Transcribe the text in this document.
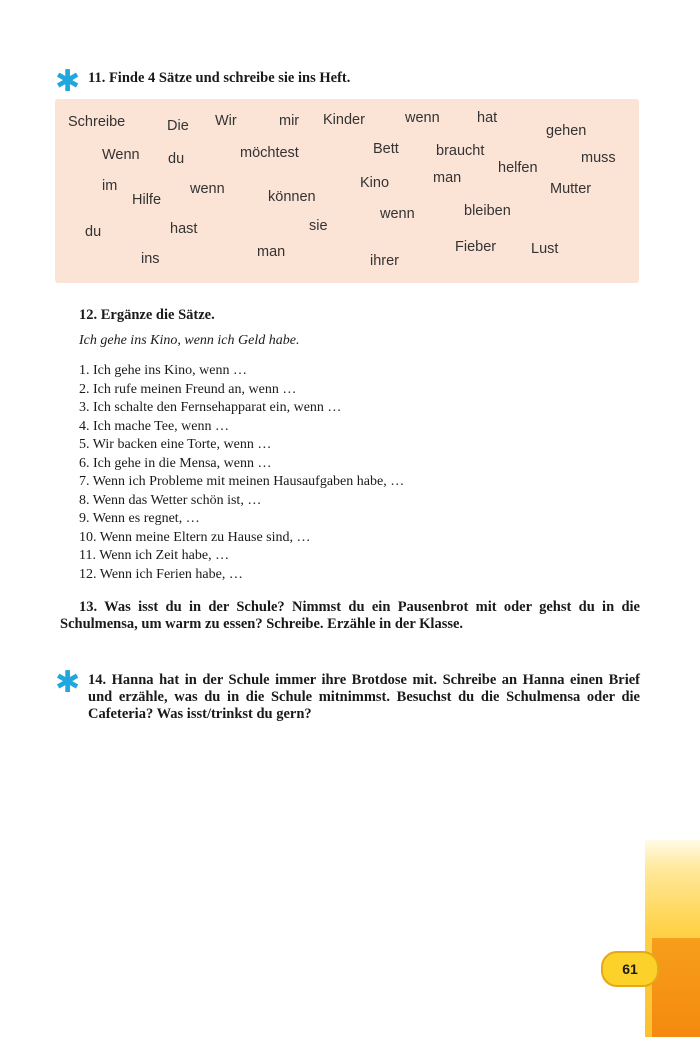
✱ 11. Finde 4 Sätze und schreibe sie ins Heft.
Schreibe	Die Wir	mir Kinder	wenn	hat
gehen
Wenn du	möchtest	Bett	braucht
helfen
muss
im
Hilfe
wenn	können
Kino	man
Mutter
du	hast	sie
wenn	bleiben
ins	man
ihrer
Fieber Lust
12. Ergänze die Sätze.
Ich gehe ins Kino, wenn ich Geld habe.
1. Ich gehe ins Kino, wenn …
2. Ich rufe meinen Freund an, wenn …
3. Ich schalte den Fernsehapparat ein, wenn …
4. Ich mache Tee, wenn …
5. Wir backen eine Torte, wenn …
6. Ich gehe in die Mensa, wenn …
7. Wenn ich Probleme mit meinen Hausaufgaben habe, …
8. Wenn das Wetter schön ist, …
9. Wenn es regnet, …
10. Wenn meine Eltern zu Hause sind, …
11. Wenn ich Zeit habe, …
12. Wenn ich Ferien habe, …
13. Was isst du in der Schule? Nimmst du ein Pausenbrot mit oder gehst du in die Schulmensa, um warm zu essen? Schreibe. Erzähle in der Klasse.
✱ 14. Hanna hat in der Schule immer ihre Brotdose mit. Schreibe an Hanna einen Brief und erzähle, was du in die Schule mitnimmst. Besuchst du die Schulmensa oder die Cafeteria? Was isst/trinkst du gern?
61
